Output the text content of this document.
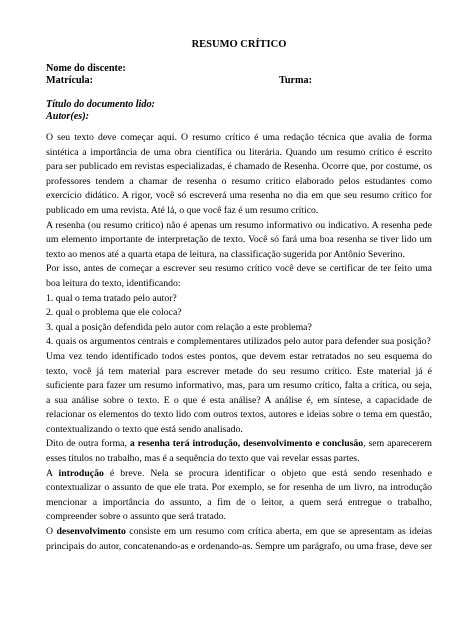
RESUMO CRÍTICO
Nome do discente:
Matrícula:	Turma:
Título do documento lido:
Autor(es):

O seu texto deve começar aqui. O resumo crítico é uma redação técnica que avalia de forma sintética a importância de uma obra científica ou literária. Quando um resumo crítico é escrito para ser publicado em revistas especializadas, é chamado de Resenha. Ocorre que, por costume, os professores tendem a chamar de resenha o resumo crítico elaborado pelos estudantes como exercício didático. A rigor, você só escreverá uma resenha no dia em que seu resumo crítico for publicado em uma revista. Até lá, o que você faz é um resumo crítico.

A resenha (ou resumo crítico) não é apenas um resumo informativo ou indicativo. A resenha pede um elemento importante de interpretação de texto. Você só fará uma boa resenha se tiver lido um texto ao menos até a quarta etapa de leitura, na classificação sugerida por Antônio Severino.

Por isso, antes de começar a escrever seu resumo crítico você deve se certificar de ter feito uma boa leitura do texto, identificando:

1. qual o tema tratado pelo autor?
2. qual o problema que ele coloca?
3. qual a posição defendida pelo autor com relação a este problema?
4. quais os argumentos centrais e complementares utilizados pelo autor para defender sua posição?

Uma vez tendo identificado todos estes pontos, que devem estar retratados no seu esquema do texto, você já tem material para escrever metade do seu resumo crítico. Este material já é suficiente para fazer um resumo informativo, mas, para um resumo crítico, falta a crítica, ou seja, a sua análise sobre o texto. E o que é esta análise? A análise é, em síntese, a capacidade de relacionar os elementos do texto lido com outros textos, autores e ideias sobre o tema em questão, contextualizando o texto que está sendo analisado.

Dito de outra forma, a resenha terá introdução, desenvolvimento e conclusão, sem aparecerem esses títulos no trabalho, mas é a sequência do texto que vai revelar essas partes.

A introdução é breve. Nela se procura identificar o objeto que está sendo resenhado e contextualizar o assunto de que ele trata. Por exemplo, se for resenha de um livro, na introdução mencionar a importância do assunto, a fim de o leitor, a quem será entregue o trabalho, compreender sobre o assunto que será tratado.

O desenvolvimento consiste em um resumo com crítica aberta, em que se apresentam as ideias principais do autor, concatenando-as e ordenando-as. Sempre um parágrafo, ou uma frase, deve ser
